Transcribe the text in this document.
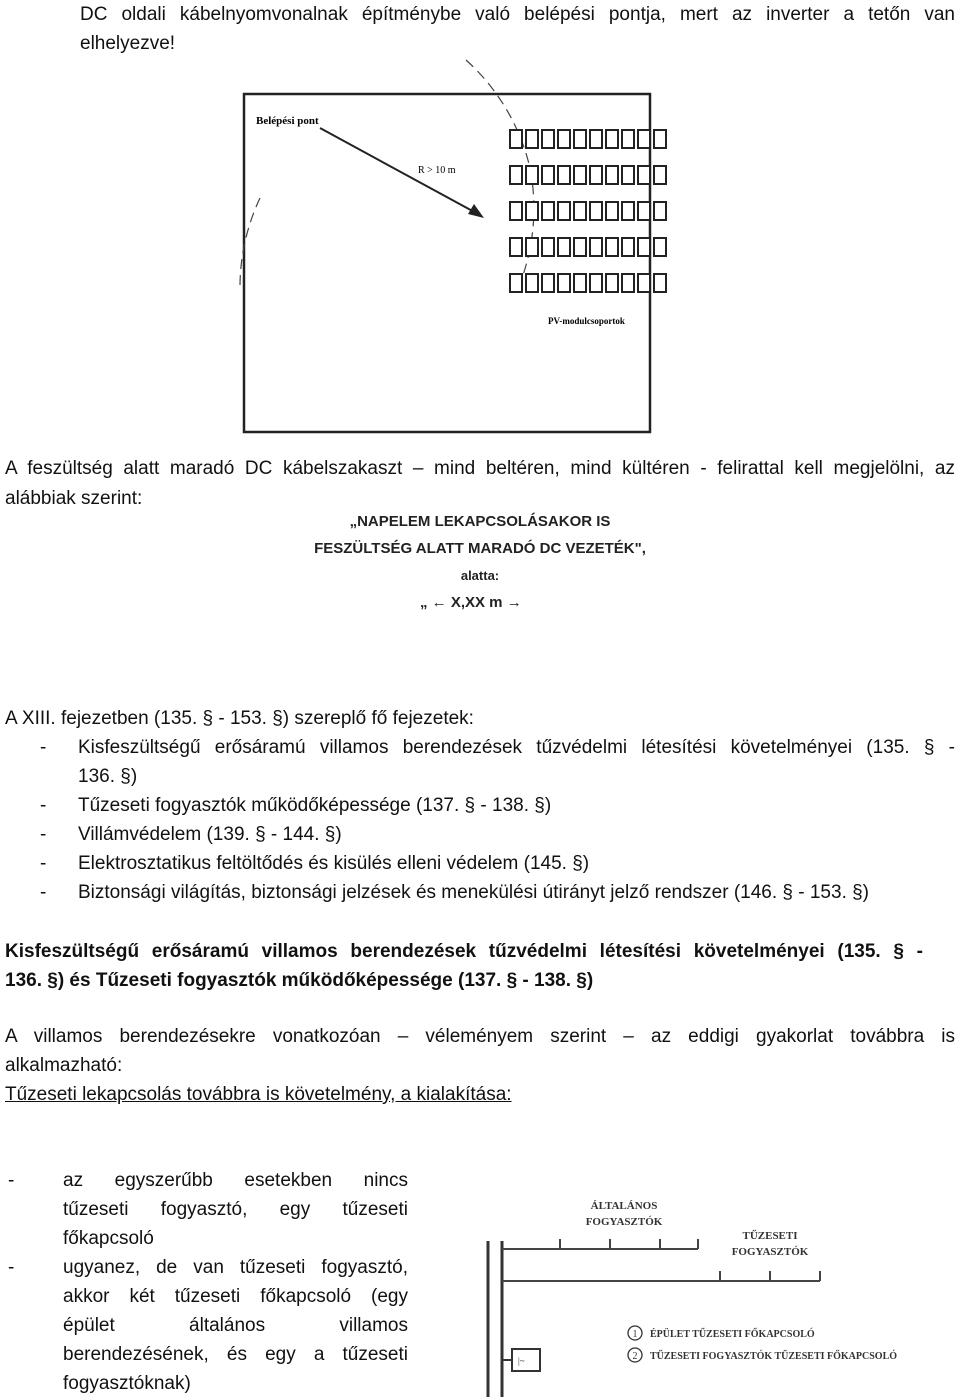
DC oldali kábelnyomvonalnak építménybe való belépési pontja, mert az inverter a tetőn van
elhelyezve!
Belépési pont
R > 10 m
PV-modulcsoportok
A feszültség alatt maradó DC kábelszakaszt – mind beltéren, mind kültéren - felirattal kell megjelölni, az
alábbiak szerint:
„NAPELEM LEKAPCSOLÁSAKOR IS
FESZÜLTSÉG ALATT MARADÓ DC VEZETÉK",
alatta:
„ ← X,XX m →
A XIII. fejezetben (135. § - 153. §) szereplő fő fejezetek:
- Kisfeszültségű erősáramú villamos berendezések tűzvédelmi létesítési követelményei (135. § -
136. §)
- Tűzeseti fogyasztók működőképessége (137. § - 138. §)
- Villámvédelem (139. § - 144. §)
- Elektrosztatikus feltöltődés és kisülés elleni védelem (145. §)
- Biztonsági világítás, biztonsági jelzések és menekülési útirányt jelző rendszer (146. § - 153. §)
Kisfeszültségű erősáramú villamos berendezések tűzvédelmi létesítési követelményei (135. § -
136. §) és Tűzeseti fogyasztók működőképessége (137. § - 138. §)
A villamos berendezésekre vonatkozóan – véleményem szerint – az eddigi gyakorlat továbbra is
alkalmazható:
Tűzeseti lekapcsolás továbbra is követelmény, a kialakítása:
-	az egyszerűbb esetekben nincs
tűzeseti fogyasztó, egy tűzeseti
főkapcsoló
-	ugyanez, de van tűzeseti fogyasztó,
akkor két tűzeseti főkapcsoló (egy
épület általános villamos
berendezésének, és egy a tűzeseti
fogyasztóknak)
ÁLTALÁNOS
FOGYASZTÓK
TŰZESETI
FOGYASZTÓK
|~
1 ÉPÜLET TŰZESETI FŐKAPCSOLÓ
2 TŰZESETI FOGYASZTÓK TŰZESETI FŐKAPCSOLÓ
